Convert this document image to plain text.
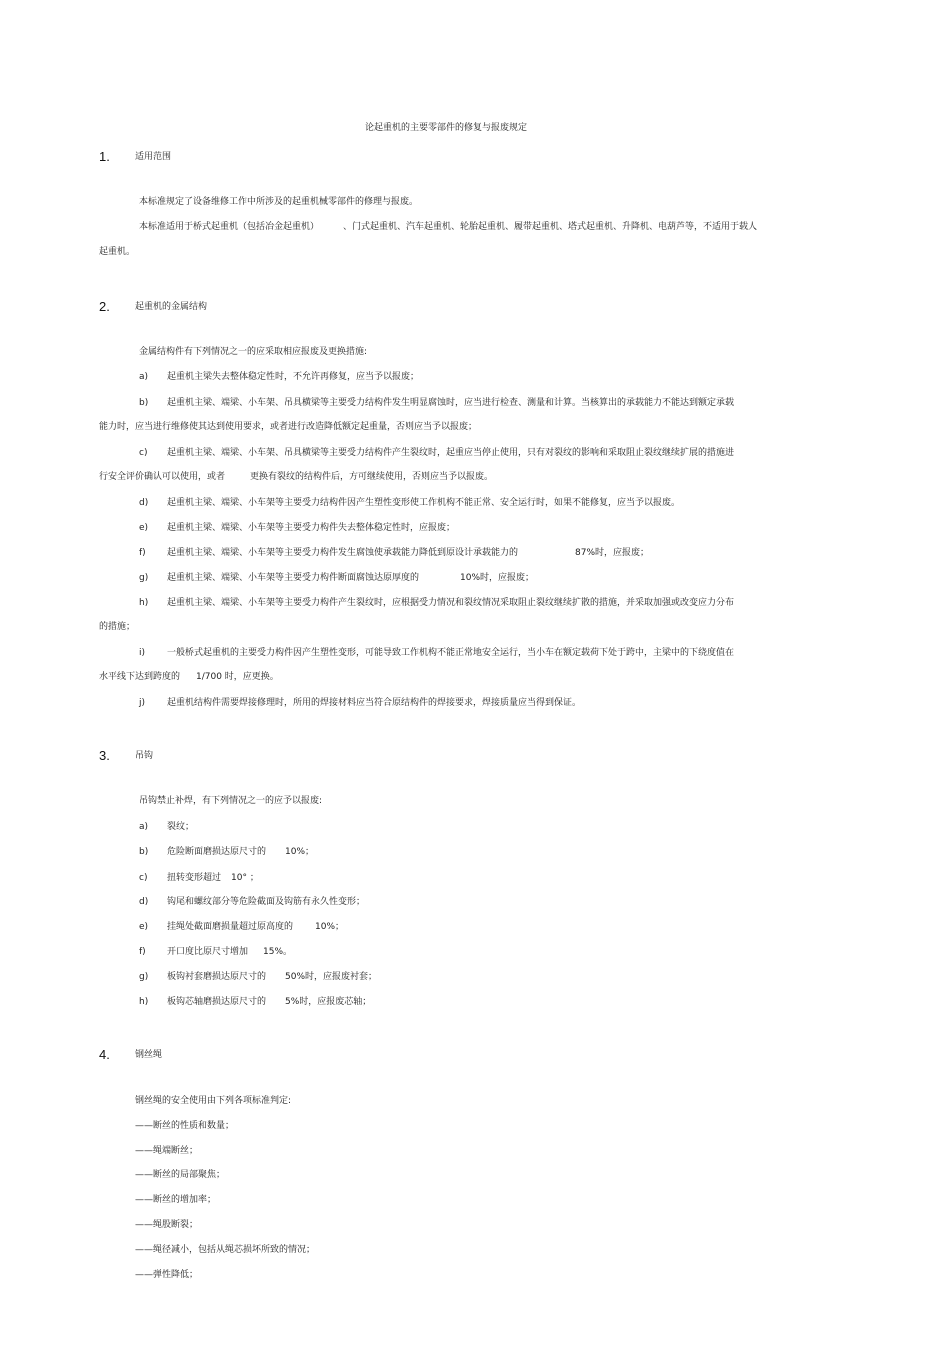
论起重机的主要零部件的修复与报废规定
1.	适用范围
本标准规定了设备维修工作中所涉及的起重机械零部件的修理与报废。
本标准适用于桥式起重机（包括冶金起重机）	、门式起重机、汽车起重机、轮胎起重机、履带起重机、塔式起重机、升降机、电葫芦等，不适用于载人
起重机。
2.	起重机的金属结构
金属结构件有下列情况之一的应采取相应报废及更换措施:
a)	起重机主梁失去整体稳定性时，不允许再修复，应当予以报废；
b)	起重机主梁、端梁、小车架、吊具横梁等主要受力结构件发生明显腐蚀时，应当进行检查、测量和计算。当核算出的承载能力不能达到额定承载
能力时，应当进行维修使其达到使用要求，或者进行改造降低额定起重量，否则应当予以报废；
c)	起重机主梁、端梁、小车架、吊具横梁等主要受力结构件产生裂纹时，起重应当停止使用，只有对裂纹的影响和采取阻止裂纹继续扩展的措施进
行安全评价确认可以使用，或者	更换有裂纹的结构件后，方可继续使用，否则应当予以报废。
d)	起重机主梁、端梁、小车架等主要受力结构件因产生塑性变形使工作机构不能正常、安全运行时，如果不能修复，应当予以报废。
e)	起重机主梁、端梁、小车架等主要受力构件失去整体稳定性时，应报废；
f)	起重机主梁、端梁、小车架等主要受力构件发生腐蚀使承载能力降低到原设计承载能力的	87%时，应报废；
g)	起重机主梁、端梁、小车架等主要受力构件断面腐蚀达原厚度的	10%时，应报废；
h)	起重机主梁、端梁、小车架等主要受力构件产生裂纹时，应根据受力情况和裂纹情况采取阻止裂纹继续扩散的措施，并采取加强或改变应力分布
的措施；
i)	一般桥式起重机的主要受力构件因产生塑性变形，可能导致工作机构不能正常地安全运行，当小车在额定载荷下处于跨中，主梁中的下绕度值在
水平线下达到跨度的 1/700 时，应更换。
j)	起重机结构件需要焊接修理时，所用的焊接材料应当符合原结构件的焊接要求，焊接质量应当得到保证。
3.	吊钩
吊钩禁止补焊，有下列情况之一的应予以报废:
a)	裂纹；
b)	危险断面磨损达原尺寸的 10%；
c)	扭转变形超过 10° ；
d)	钩尾和螺纹部分等危险截面及钩筋有永久性变形；
e)	挂绳处截面磨损量超过原高度的 10%；
f)	开口度比原尺寸增加 15%。
g)	板钩衬套磨损达原尺寸的 50%时，应报废衬套；
h)	板钩芯轴磨损达原尺寸的 5%时，应报废芯轴；
4.	钢丝绳
钢丝绳的安全使用由下列各项标准判定:
——断丝的性质和数量；
——绳端断丝；
——断丝的局部聚焦；
——断丝的增加率；
——绳股断裂；
——绳径减小，包括从绳芯损坏所致的情况；
——弹性降低；
